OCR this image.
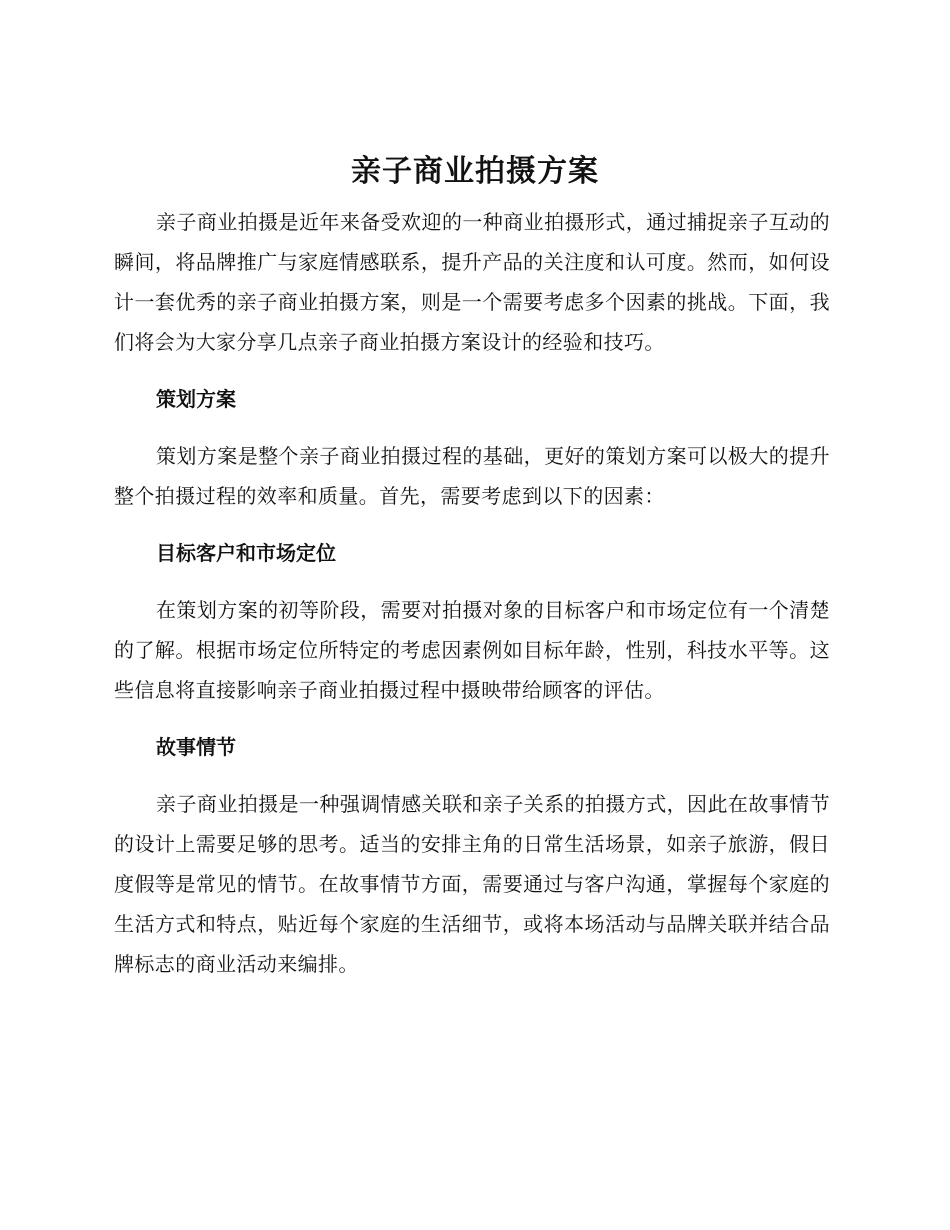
亲子商业拍摄方案

亲子商业拍摄是近年来备受欢迎的一种商业拍摄形式，通过捕捉亲子互动的瞬间，将品牌推广与家庭情感联系，提升产品的关注度和认可度。然而，如何设计一套优秀的亲子商业拍摄方案，则是一个需要考虑多个因素的挑战。下面，我们将会为大家分享几点亲子商业拍摄方案设计的经验和技巧。

策划方案

策划方案是整个亲子商业拍摄过程的基础，更好的策划方案可以极大的提升整个拍摄过程的效率和质量。首先，需要考虑到以下的因素：

目标客户和市场定位

在策划方案的初等阶段，需要对拍摄对象的目标客户和市场定位有一个清楚的了解。根据市场定位所特定的考虑因素例如目标年龄，性别，科技水平等。这些信息将直接影响亲子商业拍摄过程中摄映带给顾客的评估。

故事情节

亲子商业拍摄是一种强调情感关联和亲子关系的拍摄方式，因此在故事情节的设计上需要足够的思考。适当的安排主角的日常生活场景，如亲子旅游，假日度假等是常见的情节。在故事情节方面，需要通过与客户沟通，掌握每个家庭的生活方式和特点，贴近每个家庭的生活细节，或将本场活动与品牌关联并结合品牌标志的商业活动来编排。
